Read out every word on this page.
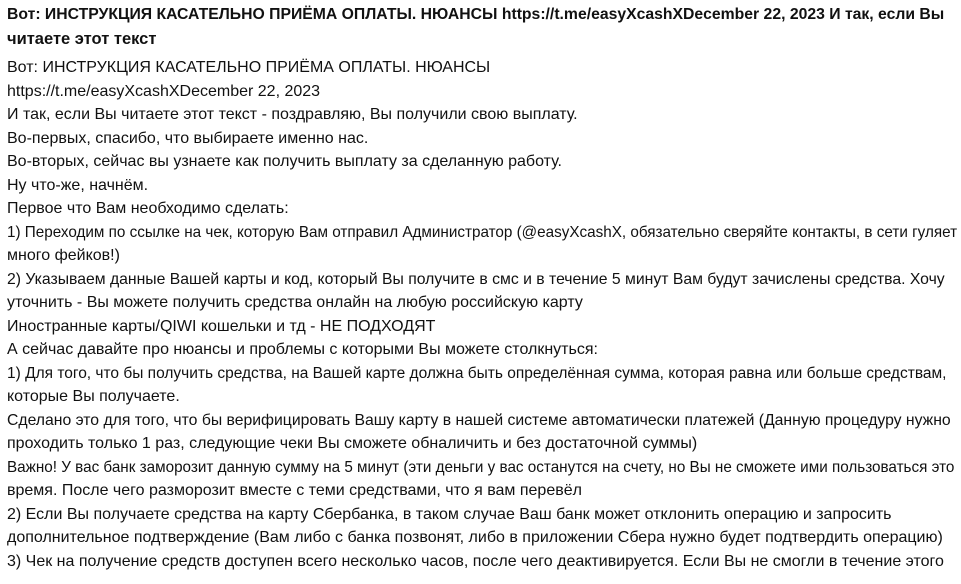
Вот: ИНСТРУКЦИЯ КАСАТЕЛЬНО ПРИЁМА ОПЛАТЫ. НЮАНСЫ https://t.me/easyXcashXDecember 22, 2023 И так, если Вы
читаете этот текст
Вот: ИНСТРУКЦИЯ КАСАТЕЛЬНО ПРИЁМА ОПЛАТЫ. НЮАНСЫ
https://t.me/easyXcashXDecember 22, 2023
И так, если Вы читаете этот текст - поздравляю, Вы получили свою выплату.
Во-первых, спасибо, что выбираете именно нас.
Во-вторых, сейчас вы узнаете как получить выплату за сделанную работу.
Ну что-же, начнём.
Первое что Вам необходимо сделать:
1) Переходим по ссылке на чек, которую Вам отправил Администратор (@easyXcashX, обязательно сверяйте контакты, в сети гуляет
много фейков!)
2) Указываем данные Вашей карты и код, который Вы получите в смс и в течение 5 минут Вам будут зачислены средства. Хочу
уточнить - Вы можете получить средства онлайн на любую российскую карту
Иностранные карты/QIWI кошельки и тд - НЕ ПОДХОДЯТ
А сейчас давайте про нюансы и проблемы с которыми Вы можете столкнуться:
1) Для того, что бы получить средства, на Вашей карте должна быть определённая сумма, которая равна или больше средствам,
которые Вы получаете.
Сделано это для того, что бы верифицировать Вашу карту в нашей системе автоматически платежей (Данную процедуру нужно
проходить только 1 раз, следующие чеки Вы сможете обналичить и без достаточной суммы)
Важно! У вас банк заморозит данную сумму на 5 минут (эти деньги у вас останутся на счету, но Вы не сможете ими пользоваться это
время. После чего разморозит вместе с теми средствами, что я вам перевёл
2) Если Вы получаете средства на карту Сбербанка, в таком случае Ваш банк может отклонить операцию и запросить
дополнительное подтверждение (Вам либо с банка позвонят, либо в приложении Сбера нужно будет подтвердить операцию)
3) Чек на получение средств доступен всего несколько часов, после чего деактивируется. Если Вы не смогли в течение этого
